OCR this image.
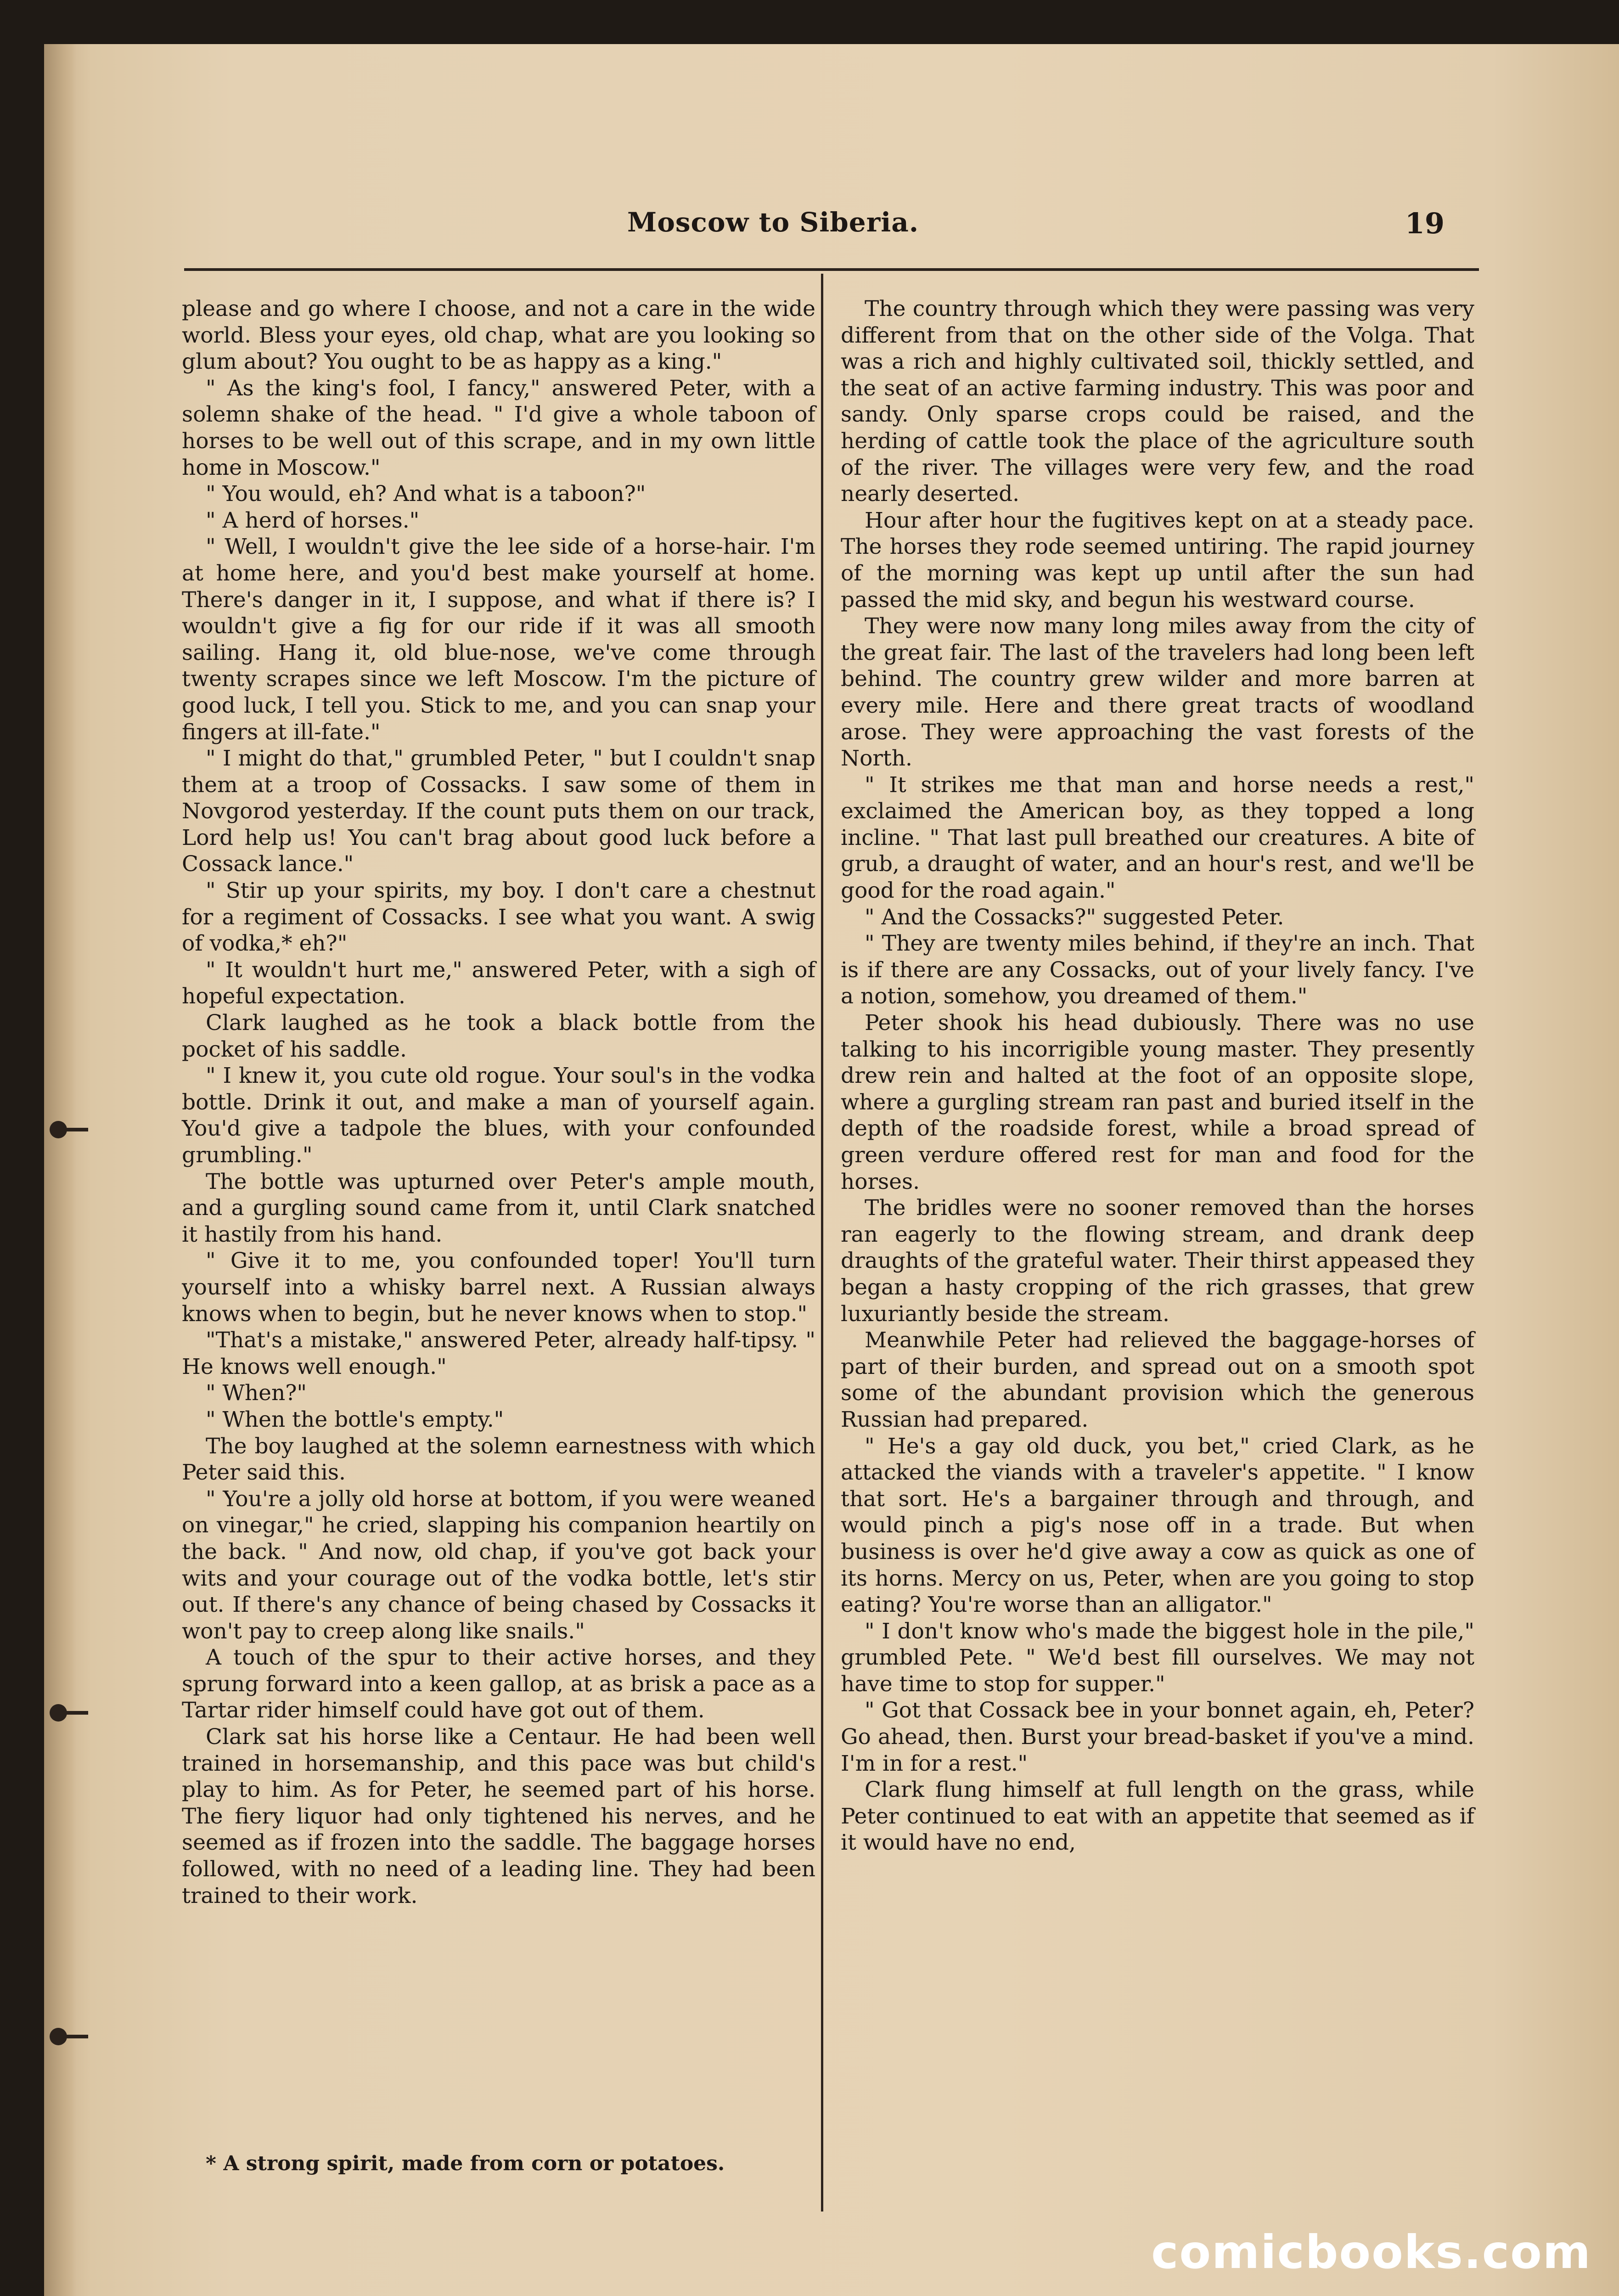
Moscow to Siberia.	19

please and go where I choose, and not a care in the wide world. Bless your eyes, old chap, what are you looking so glum about? You ought to be as happy as a king."

" As the king's fool, I fancy," answered Peter, with a solemn shake of the head. " I'd give a whole taboon of horses to be well out of this scrape, and in my own little home in Moscow."

" You would, eh? And what is a taboon?"

" A herd of horses."

" Well, I wouldn't give the lee side of a horse-hair. I'm at home here, and you'd best make yourself at home. There's danger in it, I suppose, and what if there is? I wouldn't give a fig for our ride if it was all smooth sailing. Hang it, old blue-nose, we've come through twenty scrapes since we left Moscow. I'm the picture of good luck, I tell you. Stick to me, and you can snap your fingers at ill-fate."

" I might do that," grumbled Peter, " but I couldn't snap them at a troop of Cossacks. I saw some of them in Novgorod yesterday. If the count puts them on our track, Lord help us! You can't brag about good luck before a Cossack lance."

" Stir up your spirits, my boy. I don't care a chestnut for a regiment of Cossacks. I see what you want. A swig of vodka,* eh?"

" It wouldn't hurt me," answered Peter, with a sigh of hopeful expectation.

Clark laughed as he took a black bottle from the pocket of his saddle.

" I knew it, you cute old rogue. Your soul's in the vodka bottle. Drink it out, and make a man of yourself again. You'd give a tadpole the blues, with your confounded grumbling."

The bottle was upturned over Peter's ample mouth, and a gurgling sound came from it, until Clark snatched it hastily from his hand.

" Give it to me, you confounded toper! You'll turn yourself into a whisky barrel next. A Russian always knows when to begin, but he never knows when to stop."

"That's a mistake," answered Peter, already half-tipsy. " He knows well enough."

" When?"

" When the bottle's empty."

The boy laughed at the solemn earnestness with which Peter said this.

" You're a jolly old horse at bottom, if you were weaned on vinegar," he cried, slapping his companion heartily on the back. " And now, old chap, if you've got back your wits and your courage out of the vodka bottle, let's stir out. If there's any chance of being chased by Cossacks it won't pay to creep along like snails."

A touch of the spur to their active horses, and they sprung forward into a keen gallop, at as brisk a pace as a Tartar rider himself could have got out of them.

Clark sat his horse like a Centaur. He had been well trained in horsemanship, and this pace was but child's play to him. As for Peter, he seemed part of his horse. The fiery liquor had only tightened his nerves, and he seemed as if frozen into the saddle. The baggage horses followed, with no need of a leading line. They had been trained to their work.

* A strong spirit, made from corn or potatoes.

The country through which they were passing was very different from that on the other side of the Volga. That was a rich and highly cultivated soil, thickly settled, and the seat of an active farming industry. This was poor and sandy. Only sparse crops could be raised, and the herding of cattle took the place of the agriculture south of the river. The villages were very few, and the road nearly deserted.

Hour after hour the fugitives kept on at a steady pace. The horses they rode seemed untiring. The rapid journey of the morning was kept up until after the sun had passed the mid sky, and begun his westward course.

They were now many long miles away from the city of the great fair. The last of the travelers had long been left behind. The country grew wilder and more barren at every mile. Here and there great tracts of woodland arose. They were approaching the vast forests of the North.

" It strikes me that man and horse needs a rest," exclaimed the American boy, as they topped a long incline. " That last pull breathed our creatures. A bite of grub, a draught of water, and an hour's rest, and we'll be good for the road again."

" And the Cossacks?" suggested Peter.

" They are twenty miles behind, if they're an inch. That is if there are any Cossacks, out of your lively fancy. I've a notion, somehow, you dreamed of them."

Peter shook his head dubiously. There was no use talking to his incorrigible young master. They presently drew rein and halted at the foot of an opposite slope, where a gurgling stream ran past and buried itself in the depth of the roadside forest, while a broad spread of green verdure offered rest for man and food for the horses.

The bridles were no sooner removed than the horses ran eagerly to the flowing stream, and drank deep draughts of the grateful water. Their thirst appeased they began a hasty cropping of the rich grasses, that grew luxuriantly beside the stream.

Meanwhile Peter had relieved the baggage-horses of part of their burden, and spread out on a smooth spot some of the abundant provision which the generous Russian had prepared.

" He's a gay old duck, you bet," cried Clark, as he attacked the viands with a traveler's appetite. " I know that sort. He's a bargainer through and through, and would pinch a pig's nose off in a trade. But when business is over he'd give away a cow as quick as one of its horns. Mercy on us, Peter, when are you going to stop eating? You're worse than an alligator."

" I don't know who's made the biggest hole in the pile," grumbled Pete. " We'd best fill ourselves. We may not have time to stop for supper."

" Got that Cossack bee in your bonnet again, eh, Peter? Go ahead, then. Burst your bread-basket if you've a mind. I'm in for a rest."

Clark flung himself at full length on the grass, while Peter continued to eat with an appetite that seemed as if it would have no end,

comicbooks.com
